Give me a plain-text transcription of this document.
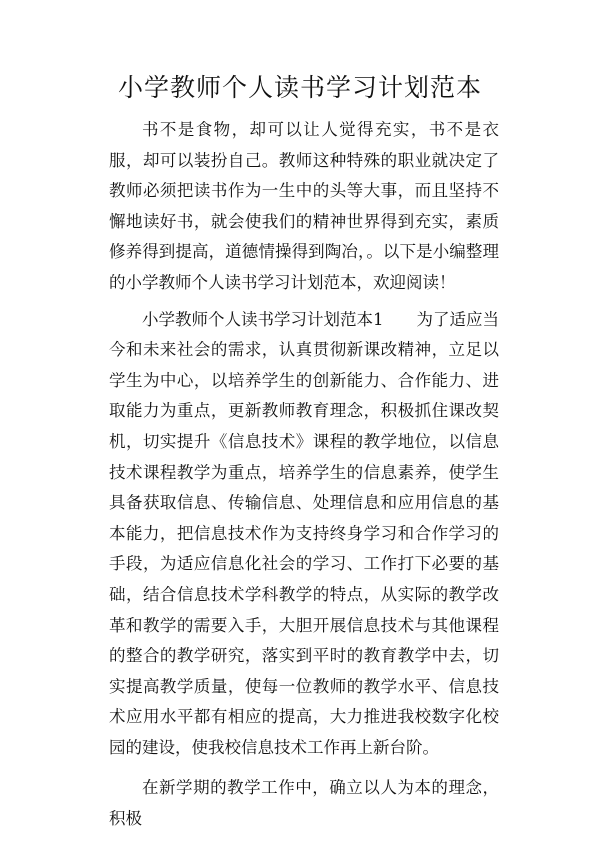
小学教师个人读书学习计划范本

书不是食物，却可以让人觉得充实，书不是衣服，却可以装扮自己。教师这种特殊的职业就决定了教师必须把读书作为一生中的头等大事，而且坚持不懈地读好书，就会使我们的精神世界得到充实，素质修养得到提高，道德情操得到陶冶，。以下是小编整理的小学教师个人读书学习计划范本，欢迎阅读！

小学教师个人读书学习计划范本1　　为了适应当今和未来社会的需求，认真贯彻新课改精神，立足以学生为中心，以培养学生的创新能力、合作能力、进取能力为重点，更新教师教育理念，积极抓住课改契机，切实提升《信息技术》课程的教学地位，以信息技术课程教学为重点，培养学生的信息素养，使学生具备获取信息、传输信息、处理信息和应用信息的基本能力，把信息技术作为支持终身学习和合作学习的手段，为适应信息化社会的学习、工作打下必要的基础，结合信息技术学科教学的特点，从实际的教学改革和教学的需要入手，大胆开展信息技术与其他课程的整合的教学研究，落实到平时的教育教学中去，切实提高教学质量，使每一位教师的教学水平、信息技术应用水平都有相应的提高，大力推进我校数字化校园的建设，使我校信息技术工作再上新台阶。

在新学期的教学工作中，确立以人为本的理念，积极
